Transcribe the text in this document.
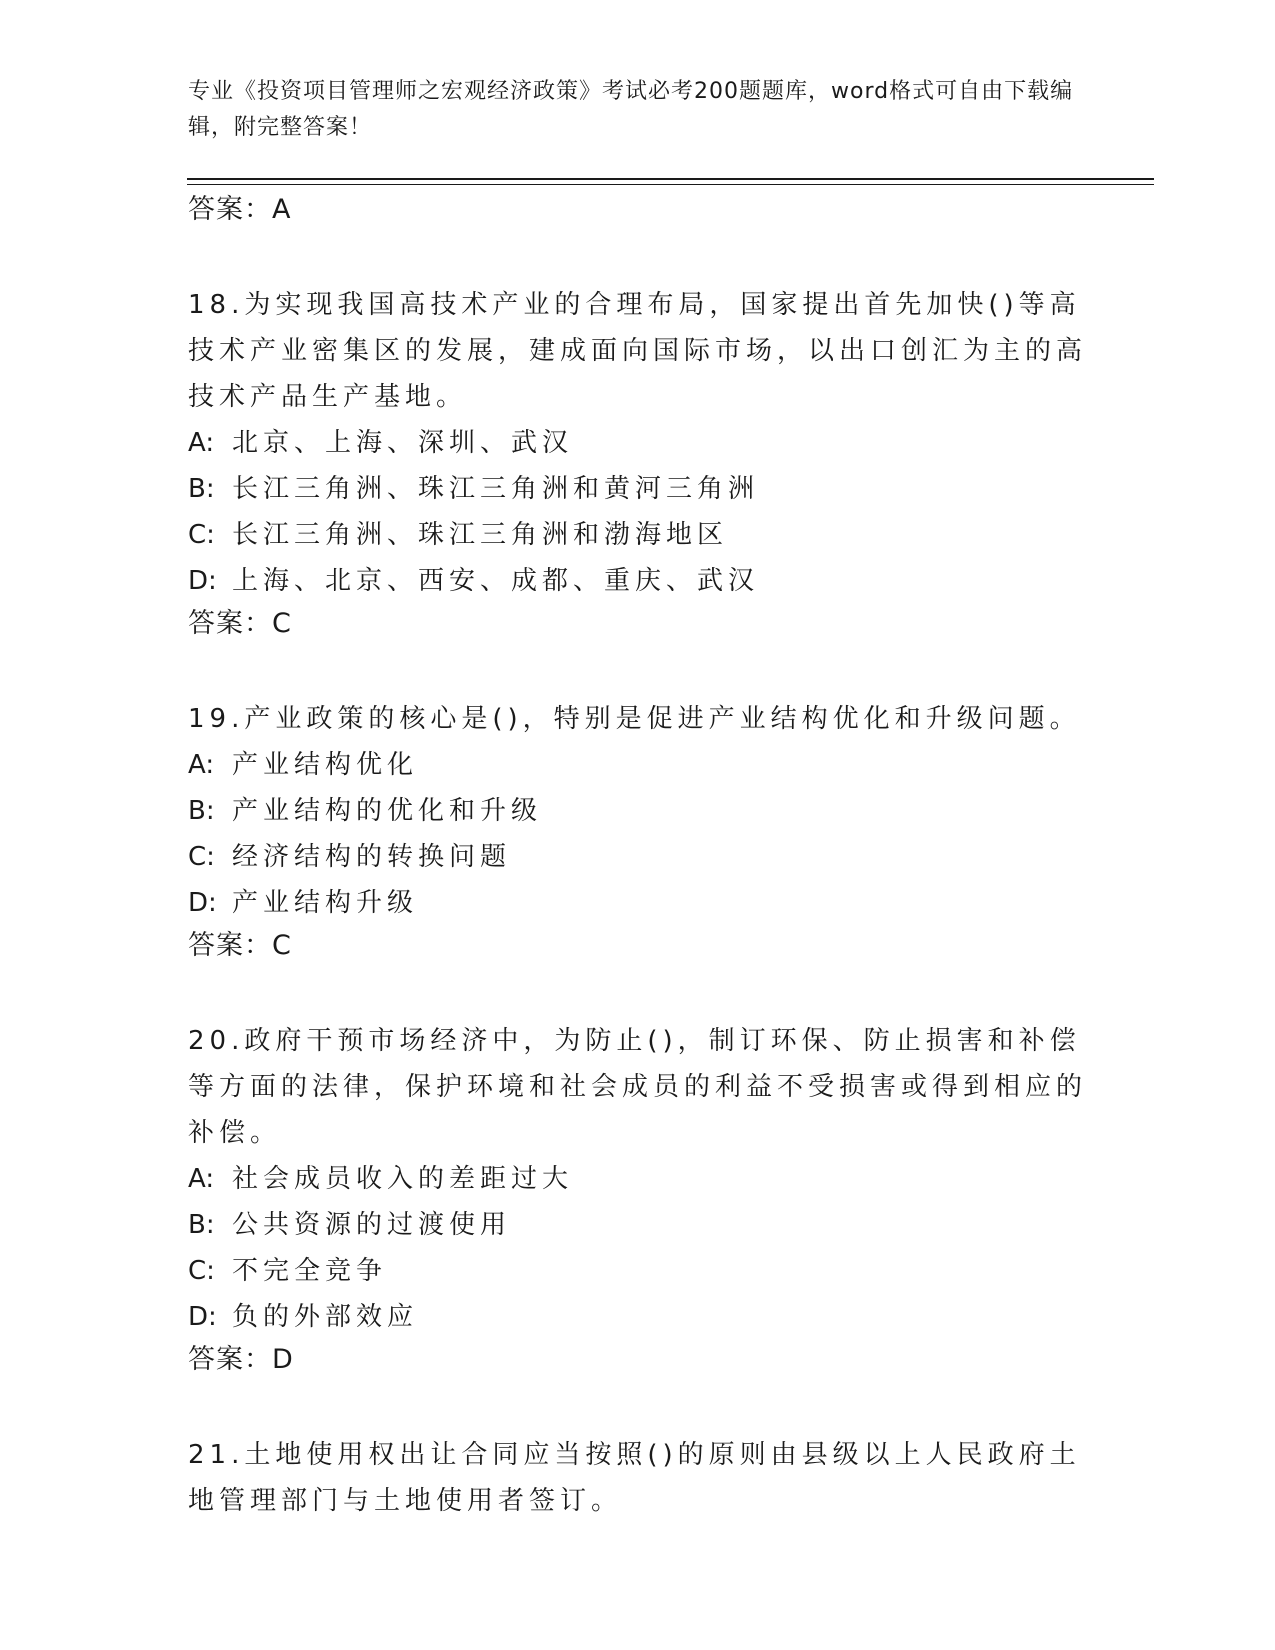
专业《投资项目管理师之宏观经济政策》考试必考200题题库，word格式可自由下载编辑，附完整答案！
答案：A
18.为实现我国高技术产业的合理布局，国家提出首先加快()等高技术产业密集区的发展，建成面向国际市场，以出口创汇为主的高技术产品生产基地。
A: 北京、上海、深圳、武汉
B: 长江三角洲、珠江三角洲和黄河三角洲
C: 长江三角洲、珠江三角洲和渤海地区
D: 上海、北京、西安、成都、重庆、武汉
答案：C
19.产业政策的核心是()，特别是促进产业结构优化和升级问题。
A: 产业结构优化
B: 产业结构的优化和升级
C: 经济结构的转换问题
D: 产业结构升级
答案：C
20.政府干预市场经济中，为防止()，制订环保、防止损害和补偿等方面的法律，保护环境和社会成员的利益不受损害或得到相应的补偿。
A: 社会成员收入的差距过大
B: 公共资源的过渡使用
C: 不完全竞争
D: 负的外部效应
答案：D
21.土地使用权出让合同应当按照()的原则由县级以上人民政府土地管理部门与土地使用者签订。
